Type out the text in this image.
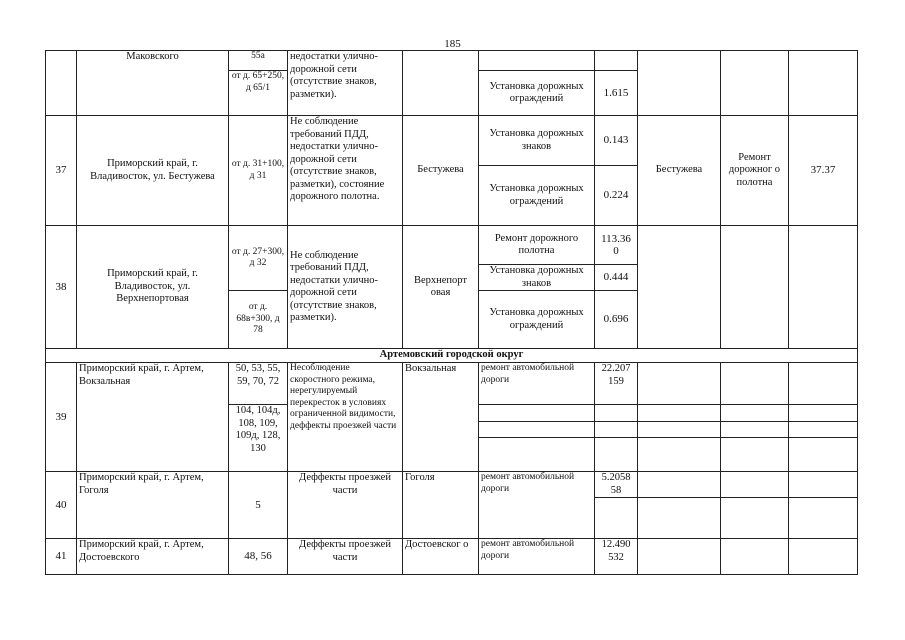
185
	Маковского	55а	недостатки улично-дорожной сети (отсутствие знаков, разметки).						
		от д. 65+250, д 65/1			Установка дорожных ограждений	1.615			
37	Приморский край, г. Владивосток, ул. Бестужева	от д. 31+100, д 31	Не соблюдение требований ПДД, недостатки улично-дорожной сети (отсутствие знаков, разметки), состояние дорожного полотна.	Бестужева	Установка дорожных знаков	0.143	Бестужева	Ремонт дорожног о полотна	37.37
					Установка дорожных ограждений	0.224			
38	Приморский край, г. Владивосток, ул. Верхнепортовая	от д. 27+300, д 32	Не соблюдение требований ПДД, недостатки улично-дорожной сети (отсутствие знаков, разметки).	Верхнепорт овая	Ремонт дорожного полотна	113.36 0			
					Установка дорожных знаков	0.444			
		от д. 68в+300, д 78			Установка дорожных ограждений	0.696			
Артемовский городской округ									
39	Приморский край, г. Артем, Вокзальная	50, 53, 55, 59, 70, 72	Несоблюдение скоростного режима, нерегулируемый перекресток в условиях ограниченной видимости, деффекты проезжей части	Вокзальная	ремонт автомобильной дороги	22.207 159			
		104, 104д, 108, 109, 109д, 128, 130							

40	Приморский край, г. Артем, Гоголя	5	Деффекты проезжей части	Гоголя	ремонт автомобильной дороги	5.2058 58			

41	Приморский край, г. Артем, Достоевского	48, 56	Деффекты проезжей части	Достоевског о	ремонт автомобильной дороги	12.490 532			
